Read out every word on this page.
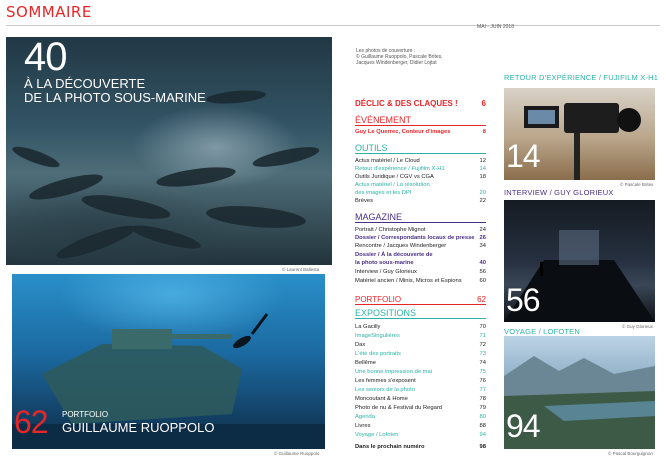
SOMMAIRE
MAI - JUIN 2018
40
À LA DÉCOUVERTE
DE LA PHOTO SOUS-MARINE
© Laurent Ballesta
62 PORTFOLIO
GUILLAUME RUOPPOLO
© Guillaume Ruoppolo
Les photos de couverture :
© Guillaume Ruoppolo, Pascale Brites,
Jacques Windenberger, Didier Lojtat
DÉCLIC & DES CLAQUES !	6
ÉVÉNEMENT
Guy Le Querrec, Conteur d'images	8
OUTILS
Actus matériel / Le Cloud	12
Retour d'expérience / Fujifilm X-H1	14
Outils Juridique / CGV vs CGA	18
Actus matériel / La résolution
des images et les DPI	20
Brèves	22
MAGAZINE
Portrait / Christophe Mignot	24
Dossier / Correspondants locaux de presse 26
Rencontre / Jacques Windenberger	34
Dossier / À la découverte de
la photo sous-marine	40
Interview / Guy Glorieux	56
Matériel ancien / Minis, Micros et Espions	60
PORTFOLIO	62
EXPOSITIONS
La Gacilly	70
ImageSingulières	71
Dax	72
L'été des portraits	73
Bellême	74
Une bonne impression de mai	75
Les femmes s'exposent	76
Les seniors de la photo	77
Moncoutant & Home	78
Photo de nu & Festival du Regard	79
Agenda	80
Livres	88
Voyage / Lofoten	94
Dans le prochain numéro	98
RETOUR D'EXPÉRIENCE / FUJIFILM X-H1
14
© Pascale Brites
INTERVIEW / GUY GLORIEUX
56
© Guy Glorieux
VOYAGE / LOFOTEN
94
© Pascal Bourguignon
